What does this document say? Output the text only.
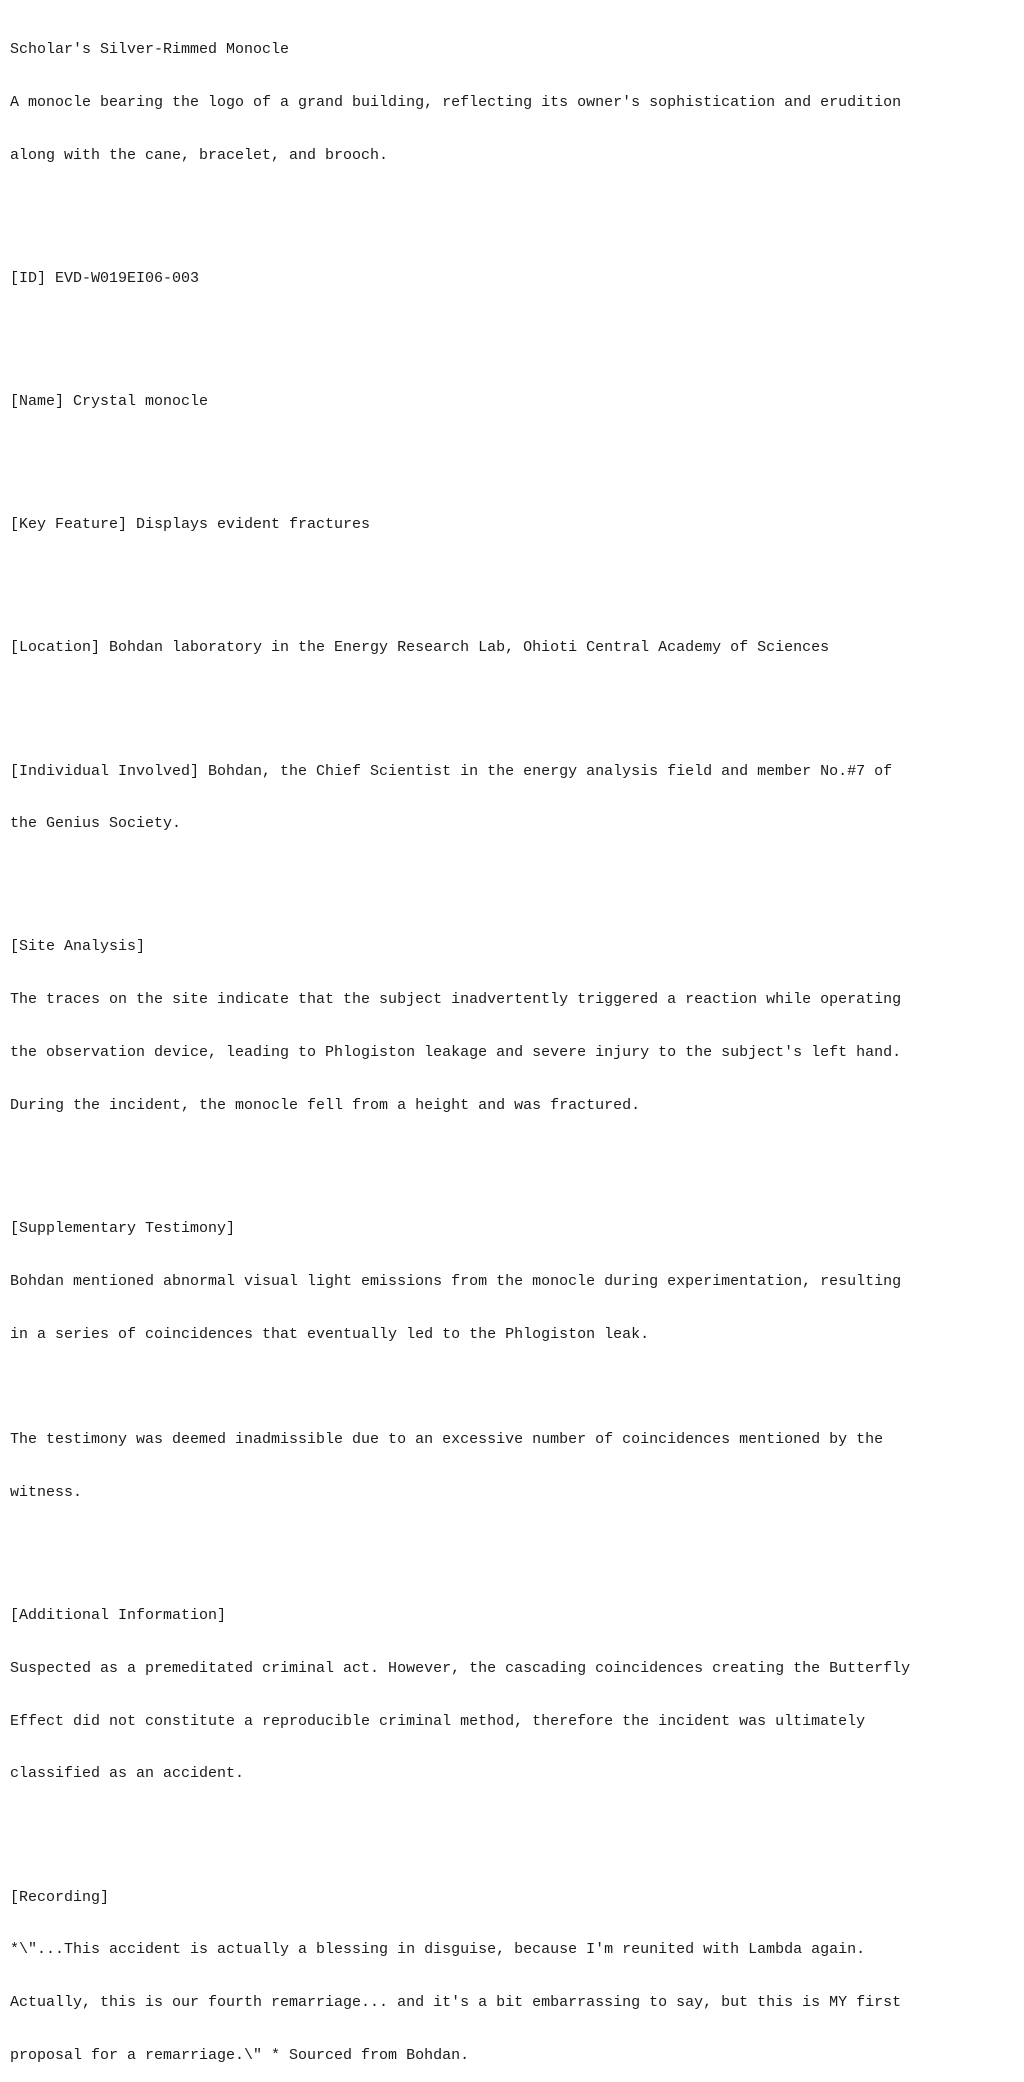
Scholar's Silver-Rimmed Monocle

A monocle bearing the logo of a grand building, reflecting its owner's sophistication and erudition

along with the cane, bracelet, and brooch.

[ID] EVD-W019EI06-003

[Name] Crystal monocle

[Key Feature] Displays evident fractures

[Location] Bohdan laboratory in the Energy Research Lab, Ohioti Central Academy of Sciences

[Individual Involved] Bohdan, the Chief Scientist in the energy analysis field and member No.#7 of

the Genius Society.

[Site Analysis]

The traces on the site indicate that the subject inadvertently triggered a reaction while operating

the observation device, leading to Phlogiston leakage and severe injury to the subject's left hand.

During the incident, the monocle fell from a height and was fractured.

[Supplementary Testimony]

Bohdan mentioned abnormal visual light emissions from the monocle during experimentation, resulting

in a series of coincidences that eventually led to the Phlogiston leak.

The testimony was deemed inadmissible due to an excessive number of coincidences mentioned by the

witness.

[Additional Information]

Suspected as a premeditated criminal act. However, the cascading coincidences creating the Butterfly

Effect did not constitute a reproducible criminal method, therefore the incident was ultimately

classified as an accident.

[Recording]

*\"...This accident is actually a blessing in disguise, because I'm reunited with Lambda again.

Actually, this is our fourth remarriage... and it's a bit embarrassing to say, but this is MY first

proposal for a remarriage.\" * Sourced from Bohdan.
